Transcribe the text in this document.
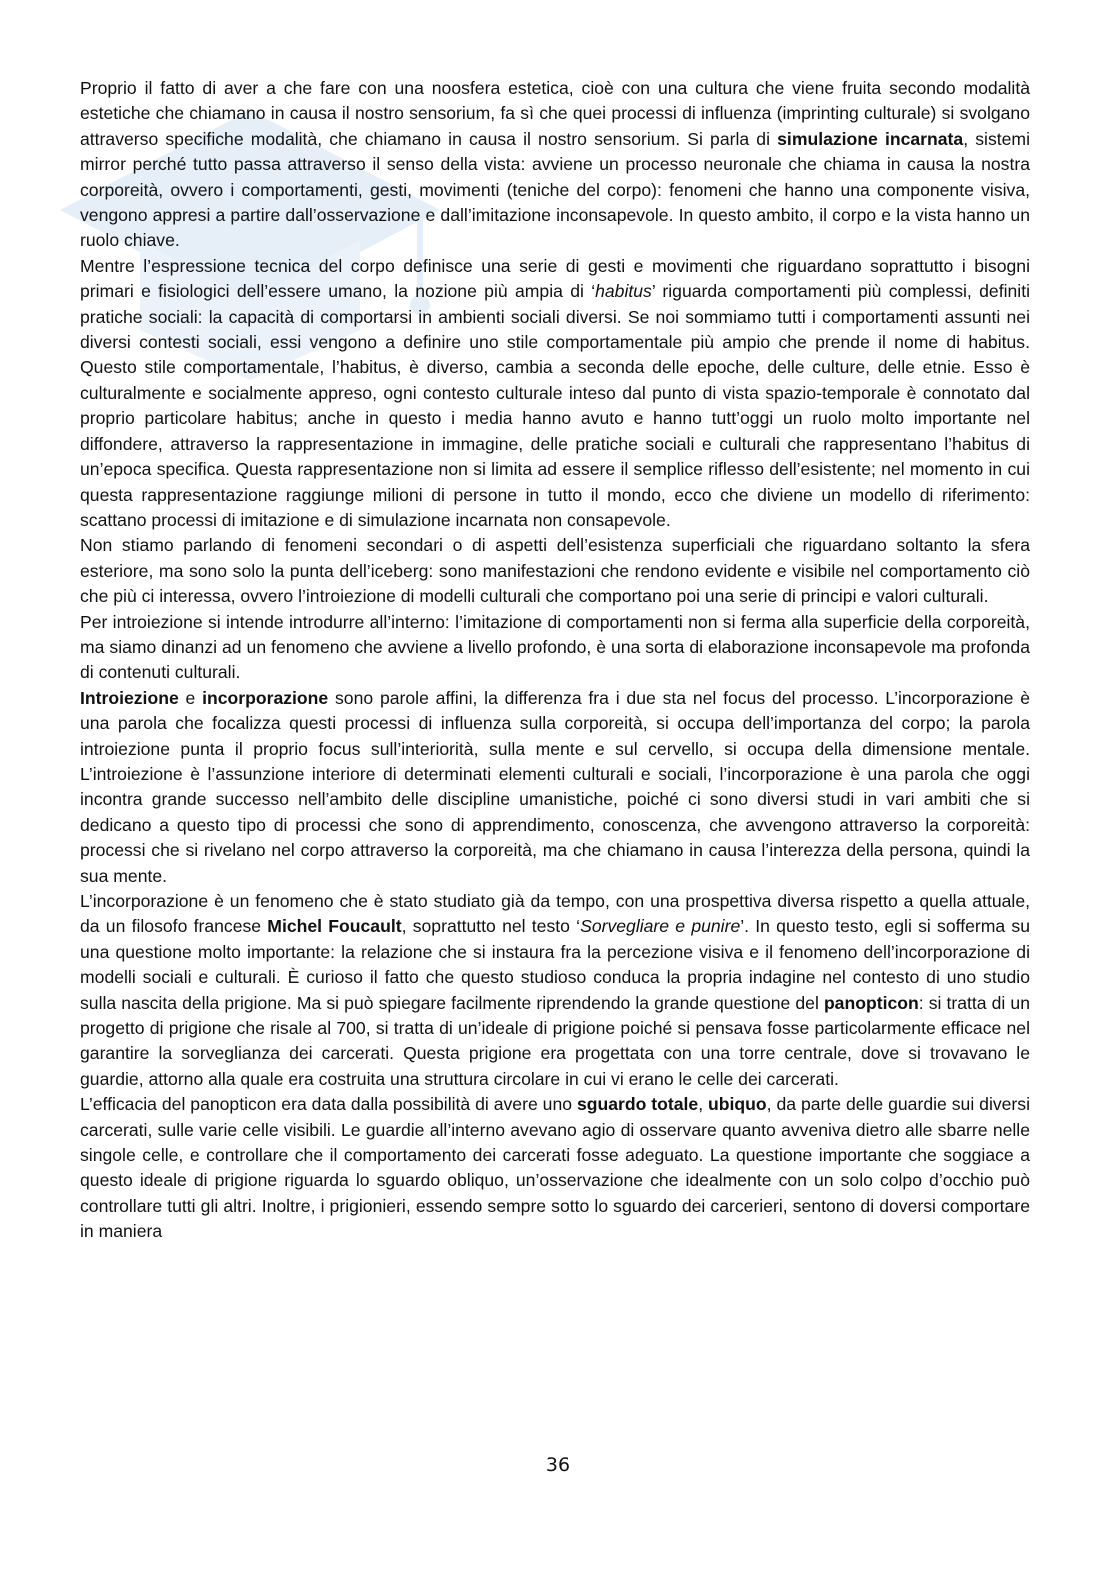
Proprio il fatto di aver a che fare con una noosfera estetica, cioè con una cultura che viene fruita secondo modalità estetiche che chiamano in causa il nostro sensorium, fa sì che quei processi di influenza (imprinting culturale) si svolgano attraverso specifiche modalità, che chiamano in causa il nostro sensorium. Si parla di simulazione incarnata, sistemi mirror perché tutto passa attraverso il senso della vista: avviene un processo neuronale che chiama in causa la nostra corporeità, ovvero i comportamenti, gesti, movimenti (teniche del corpo): fenomeni che hanno una componente visiva, vengono appresi a partire dall’osservazione e dall’imitazione inconsapevole. In questo ambito, il corpo e la vista hanno un ruolo chiave.

Mentre l’espressione tecnica del corpo definisce una serie di gesti e movimenti che riguardano soprattutto i bisogni primari e fisiologici dell’essere umano, la nozione più ampia di ‘habitus’ riguarda comportamenti più complessi, definiti pratiche sociali: la capacità di comportarsi in ambienti sociali diversi. Se noi sommiamo tutti i comportamenti assunti nei diversi contesti sociali, essi vengono a definire uno stile comportamentale più ampio che prende il nome di habitus. Questo stile comportamentale, l’habitus, è diverso, cambia a seconda delle epoche, delle culture, delle etnie. Esso è culturalmente e socialmente appreso, ogni contesto culturale inteso dal punto di vista spazio-temporale è connotato dal proprio particolare habitus; anche in questo i media hanno avuto e hanno tutt’oggi un ruolo molto importante nel diffondere, attraverso la rappresentazione in immagine, delle pratiche sociali e culturali che rappresentano l’habitus di un’epoca specifica. Questa rappresentazione non si limita ad essere il semplice riflesso dell’esistente; nel momento in cui questa rappresentazione raggiunge milioni di persone in tutto il mondo, ecco che diviene un modello di riferimento: scattano processi di imitazione e di simulazione incarnata non consapevole.

Non stiamo parlando di fenomeni secondari o di aspetti dell’esistenza superficiali che riguardano soltanto la sfera esteriore, ma sono solo la punta dell’iceberg: sono manifestazioni che rendono evidente e visibile nel comportamento ciò che più ci interessa, ovvero l’introiezione di modelli culturali che comportano poi una serie di principi e valori culturali.

Per introiezione si intende introdurre all’interno: l’imitazione di comportamenti non si ferma alla superficie della corporeità, ma siamo dinanzi ad un fenomeno che avviene a livello profondo, è una sorta di elaborazione inconsapevole ma profonda di contenuti culturali.

Introiezione e incorporazione sono parole affini, la differenza fra i due sta nel focus del processo. L’incorporazione è una parola che focalizza questi processi di influenza sulla corporeità, si occupa dell’importanza del corpo; la parola introiezione punta il proprio focus sull’interiorità, sulla mente e sul cervello, si occupa della dimensione mentale. L’introiezione è l’assunzione interiore di determinati elementi culturali e sociali, l’incorporazione è una parola che oggi incontra grande successo nell’ambito delle discipline umanistiche, poiché ci sono diversi studi in vari ambiti che si dedicano a questo tipo di processi che sono di apprendimento, conoscenza, che avvengono attraverso la corporeità: processi che si rivelano nel corpo attraverso la corporeità, ma che chiamano in causa l’interezza della persona, quindi la sua mente.

L’incorporazione è un fenomeno che è stato studiato già da tempo, con una prospettiva diversa rispetto a quella attuale, da un filosofo francese Michel Foucault, soprattutto nel testo ‘Sorvegliare e punire’. In questo testo, egli si sofferma su una questione molto importante: la relazione che si instaura fra la percezione visiva e il fenomeno dell’incorporazione di modelli sociali e culturali. È curioso il fatto che questo studioso conduca la propria indagine nel contesto di uno studio sulla nascita della prigione. Ma si può spiegare facilmente riprendendo la grande questione del panopticon: si tratta di un progetto di prigione che risale al 700, si tratta di un’ideale di prigione poiché si pensava fosse particolarmente efficace nel garantire la sorveglianza dei carcerati. Questa prigione era progettata con una torre centrale, dove si trovavano le guardie, attorno alla quale era costruita una struttura circolare in cui vi erano le celle dei carcerati.

L’efficacia del panopticon era data dalla possibilità di avere uno sguardo totale, ubiquo, da parte delle guardie sui diversi carcerati, sulle varie celle visibili. Le guardie all’interno avevano agio di osservare quanto avveniva dietro alle sbarre nelle singole celle, e controllare che il comportamento dei carcerati fosse adeguato. La questione importante che soggiace a questo ideale di prigione riguarda lo sguardo obliquo, un’osservazione che idealmente con un solo colpo d’occhio può controllare tutti gli altri. Inoltre, i prigionieri, essendo sempre sotto lo sguardo dei carcerieri, sentono di doversi comportare in maniera

36
